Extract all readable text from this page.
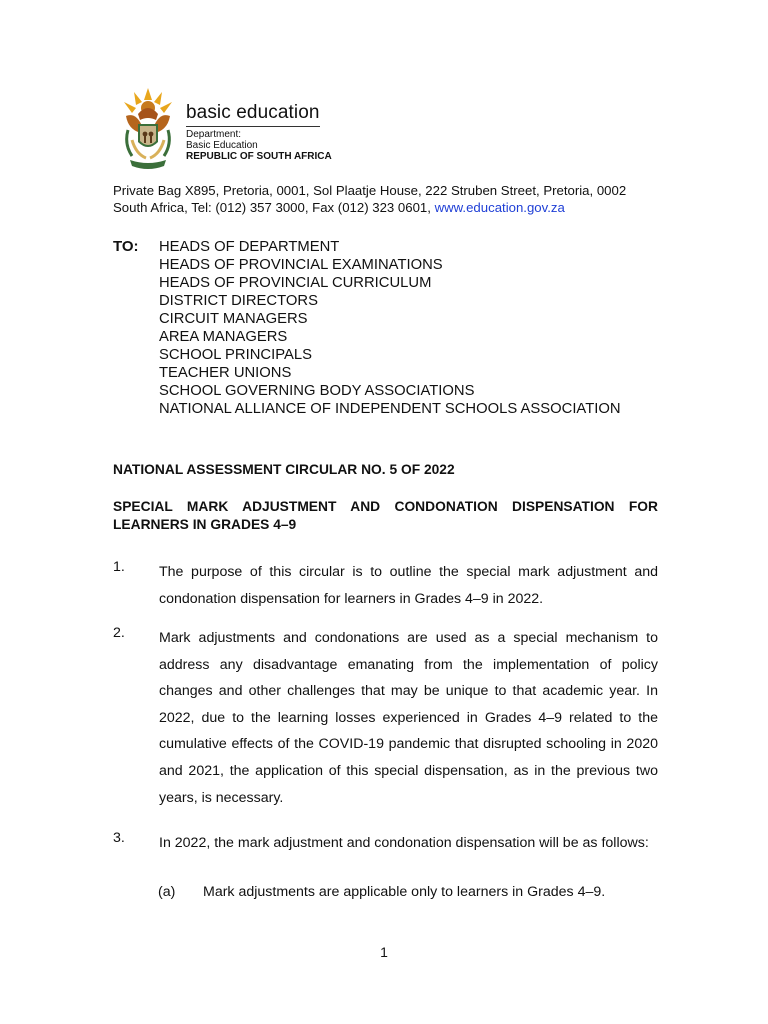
basic education
Department:
Basic Education
REPUBLIC OF SOUTH AFRICA
Private Bag X895, Pretoria, 0001, Sol Plaatje House, 222 Struben Street, Pretoria, 0002 South Africa, Tel: (012) 357 3000, Fax (012) 323 0601, www.education.gov.za
TO: HEADS OF DEPARTMENT
HEADS OF PROVINCIAL EXAMINATIONS
HEADS OF PROVINCIAL CURRICULUM
DISTRICT DIRECTORS
CIRCUIT MANAGERS
AREA MANAGERS
SCHOOL PRINCIPALS
TEACHER UNIONS
SCHOOL GOVERNING BODY ASSOCIATIONS
NATIONAL ALLIANCE OF INDEPENDENT SCHOOLS ASSOCIATION
NATIONAL ASSESSMENT CIRCULAR NO. 5 OF 2022
SPECIAL MARK ADJUSTMENT AND CONDONATION DISPENSATION FOR LEARNERS IN GRADES 4–9
1. The purpose of this circular is to outline the special mark adjustment and condonation dispensation for learners in Grades 4–9 in 2022.
2. Mark adjustments and condonations are used as a special mechanism to address any disadvantage emanating from the implementation of policy changes and other challenges that may be unique to that academic year. In 2022, due to the learning losses experienced in Grades 4–9 related to the cumulative effects of the COVID-19 pandemic that disrupted schooling in 2020 and 2021, the application of this special dispensation, as in the previous two years, is necessary.
3. In 2022, the mark adjustment and condonation dispensation will be as follows:
(a) Mark adjustments are applicable only to learners in Grades 4–9.
1
